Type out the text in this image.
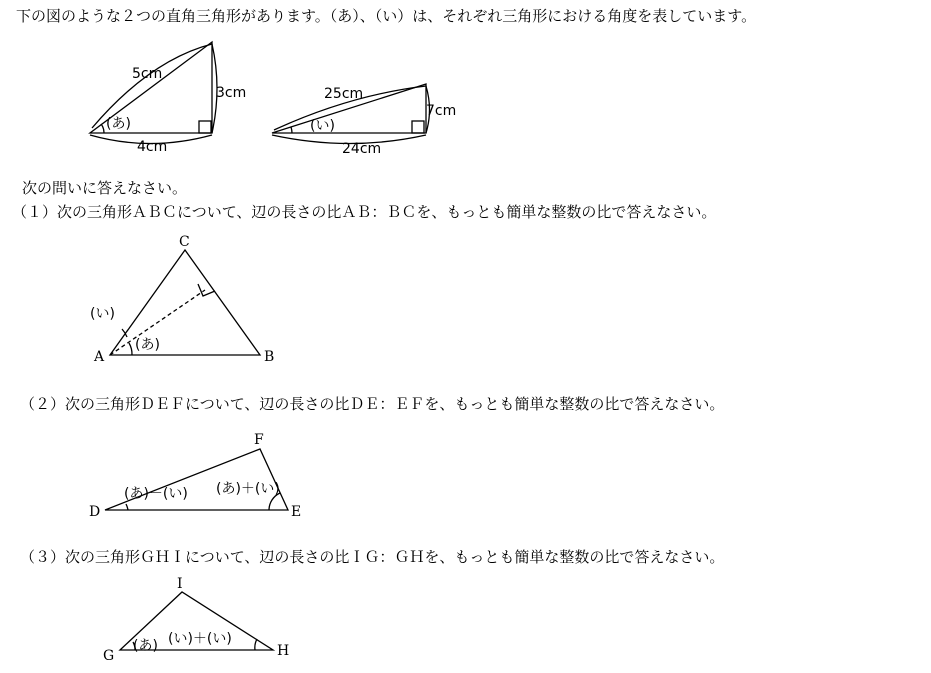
下の図のような２つの直角三角形があります。（あ）、（い）は、それぞれ三角形における角度を表しています。
次の問いに答えなさい。
（１）次の三角形ＡＢＣについて、辺の長さの比ＡＢ：ＢＣを、もっとも簡単な整数の比で答えなさい。
（２）次の三角形ＤＥＦについて、辺の長さの比ＤＥ：ＥＦを、もっとも簡単な整数の比で答えなさい。
（３）次の三角形ＧＨＩについて、辺の長さの比ＩＧ：ＧＨを、もっとも簡単な整数の比で答えなさい。
5cm
3cm
4cm
(あ)
25cm
7cm
24cm
(い)
C
A	B
(い)
(あ)
F
D	E
(あ)－(い) (あ)＋(い)
I
G	H
(あ) (い)＋(い)
